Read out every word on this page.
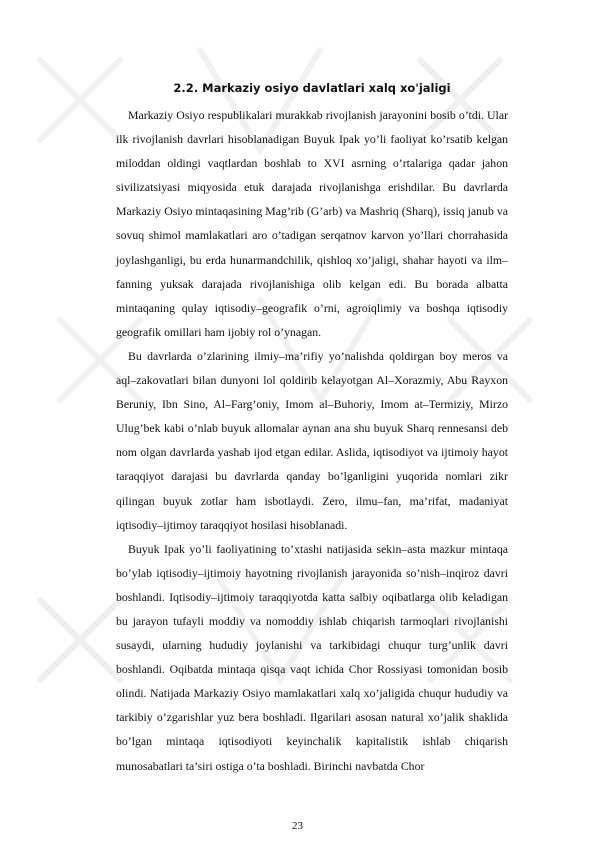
2.2. Markaziy osiyo davlatlari xalq xo'jaligi

Markaziy Osiyo respublikalari murakkab rivojlanish jarayonini bosib o’tdi. Ular ilk rivojlanish davrlari hisoblanadigan Buyuk Ipak yo’li faoliyat ko’rsatib kelgan miloddan oldingi vaqtlardan boshlab to XVI asrning o’rtalariga qadar jahon sivilizatsiyasi miqyosida etuk darajada rivojlanishga erishdilar. Bu davrlarda Markaziy Osiyo mintaqasining Mag’rib (G’arb) va Mashriq (Sharq), issiq janub va sovuq shimol mamlakatlari aro o’tadigan serqatnov karvon yo’llari chorrahasida joylashganligi, bu erda hunarmandchilik, qishloq xo’jaligi, shahar hayoti va ilm–fanning yuksak darajada rivojlanishiga olib kelgan edi. Bu borada albatta mintaqaning qulay iqtisodiy–geografik o’rni, agroiqlimiy va boshqa iqtisodiy geografik omillari ham ijobiy rol o’ynagan.

Bu davrlarda o’zlarining ilmiy–ma’rifiy yo’nalishda qoldirgan boy meros va aql–zakovatlari bilan dunyoni lol qoldirib kelayotgan Al–Xorazmiy, Abu Rayxon Beruniy, Ibn Sino, Al–Farg’oniy, Imom al–Buhoriy, Imom at–Termiziy, Mirzo Ulug’bek kabi o’nlab buyuk allomalar aynan ana shu buyuk Sharq rennesansi deb nom olgan davrlarda yashab ijod etgan edilar. Aslida, iqtisodiyot va ijtimoiy hayot taraqqiyot darajasi bu davrlarda qanday bo’lganligini yuqorida nomlari zikr qilingan buyuk zotlar ham isbotlaydi. Zero, ilmu–fan, ma’rifat, madaniyat iqtisodiy–ijtimoy taraqqiyot hosilasi hisoblanadi.

Buyuk Ipak yo’li faoliyatining to’xtashi natijasida sekin–asta mazkur mintaqa bo’ylab iqtisodiy–ijtimoiy hayotning rivojlanish jarayonida so’nish–inqiroz davri boshlandi. Iqtisodiy–ijtimoiy taraqqiyotda katta salbiy oqibatlarga olib keladigan bu jarayon tufayli moddiy va nomoddiy ishlab chiqarish tarmoqlari rivojlanishi susaydi, ularning hududiy joylanishi va tarkibidagi chuqur turg’unlik davri boshlandi. Oqibatda mintaqa qisqa vaqt ichida Chor Rossiyasi tomonidan bosib olindi. Natijada Markaziy Osiyo mamlakatlari xalq xo’jaligida chuqur hududiy va tarkibiy o’zgarishlar yuz bera boshladi. Ilgarilari asosan natural xo’jalik shaklida bo’lgan mintaqa iqtisodiyoti keyinchalik kapitalistik ishlab chiqarish munosabatlari ta’siri ostiga o’ta boshladi. Birinchi navbatda Chor

23
